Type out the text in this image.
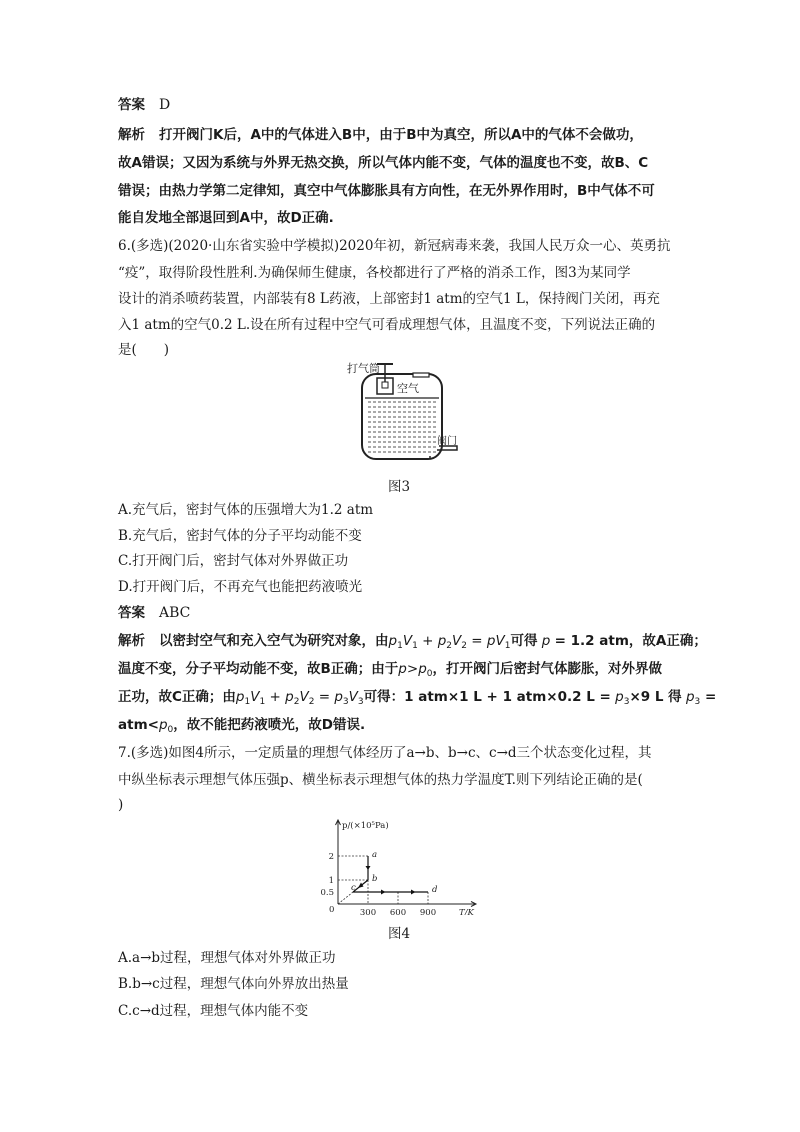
答案 D
解析 打开阀门K后，A中的气体进入B中，由于B中为真空，所以A中的气体不会做功，
故A错误；又因为系统与外界无热交换，所以气体内能不变，气体的温度也不变，故B、C
错误；由热力学第二定律知，真空中气体膨胀具有方向性，在无外界作用时，B中气体不可
能自发地全部退回到A中，故D正确.
6.(多选)(2020·山东省实验中学模拟)2020年初，新冠病毒来袭，我国人民万众一心、英勇抗
“疫”，取得阶段性胜利.为确保师生健康，各校都进行了严格的消杀工作，图3为某同学
设计的消杀喷药装置，内部装有8 L药液，上部密封1 atm的空气1 L，保持阀门关闭，再充
入1 atm的空气0.2 L.设在所有过程中空气可看成理想气体，且温度不变，下列说法正确的
是(　　)
打气筒
空气
阀门
图3
A.充气后，密封气体的压强增大为1.2 atm
B.充气后，密封气体的分子平均动能不变
C.打开阀门后，密封气体对外界做正功
D.打开阀门后，不再充气也能把药液喷光
答案 ABC
解析 以密封空气和充入空气为研究对象，由$p_1V_1 + p_2V_2 = pV_1$可得 p = 1.2 atm，故A正确；
温度不变，分子平均动能不变，故B正确；由于$p>p_0$，打开阀门后密封气体膨胀，对外界做
正功，故C正确；由$p_1V_1 + p_2V_2 = p_3V_3$可得：1 atm×1 L + 1 atm×0.2 $L = p_3\times 9$ L 得 $p_3$ =
$atm<p_0$，故不能把药液喷光，故D错误.
7.(多选)如图4所示，一定质量的理想气体经历了a→b、b→c、c→d三个状态变化过程，其
中纵坐标表示理想气体压强p、横坐标表示理想气体的热力学温度T.则下列结论正确的是(
)
p/(×10⁵Pa)
T/K
0
0.5
1
2
300 600 900
a
b
c	d
图4
A.a→b过程，理想气体对外界做正功
B.b→c过程，理想气体向外界放出热量
C.c→d过程，理想气体内能不变
